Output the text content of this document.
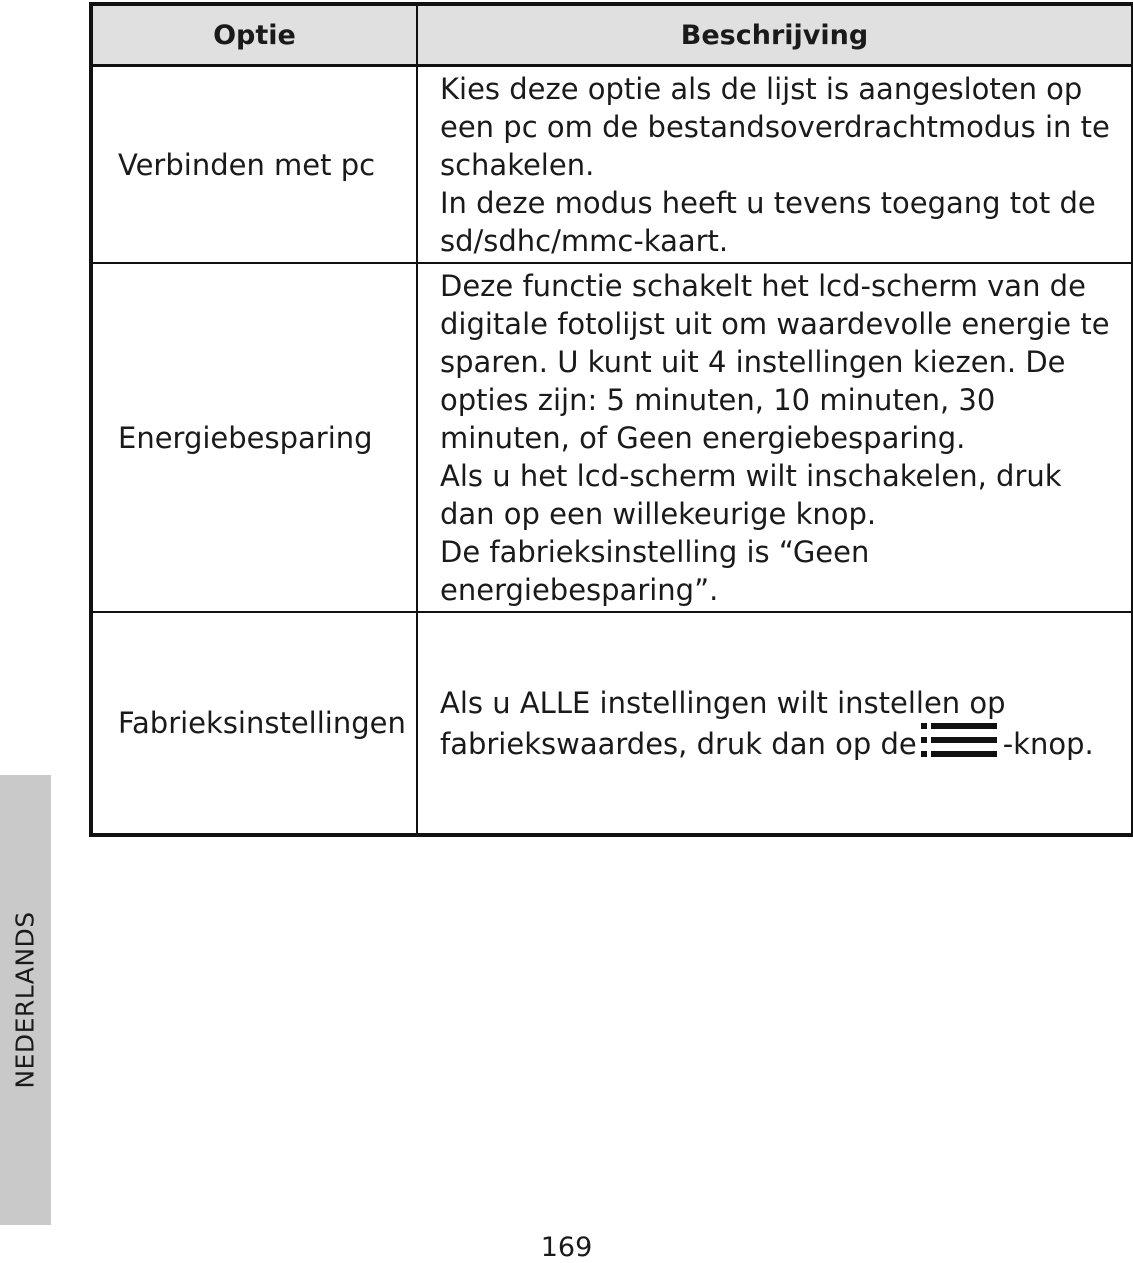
NEDERLANDS
Optie	Beschrijving
Verbinden met pc	Kies deze optie als de lijst is aangesloten op een pc om de bestandsoverdrachtmodus in te schakelen.

In deze modus heeft u tevens toegang tot de sd/sdhc/mmc-kaart.

Energiebesparing	Deze functie schakelt het lcd-scherm van de digitale fotolijst uit om waardevolle energie te sparen. U kunt uit 4 instellingen kiezen. De opties zijn: 5 minuten, 10 minuten, 30 minuten, of Geen energiebesparing.

Als u het lcd-scherm wilt inschakelen, druk dan op een willekeurige knop.

De fabrieksinstelling is “Geen energiebesparing”.

Fabrieksinstellingen	Als u ALLE instellingen wilt instellen op fabriekswaardes, druk dan op de -knop.

169
